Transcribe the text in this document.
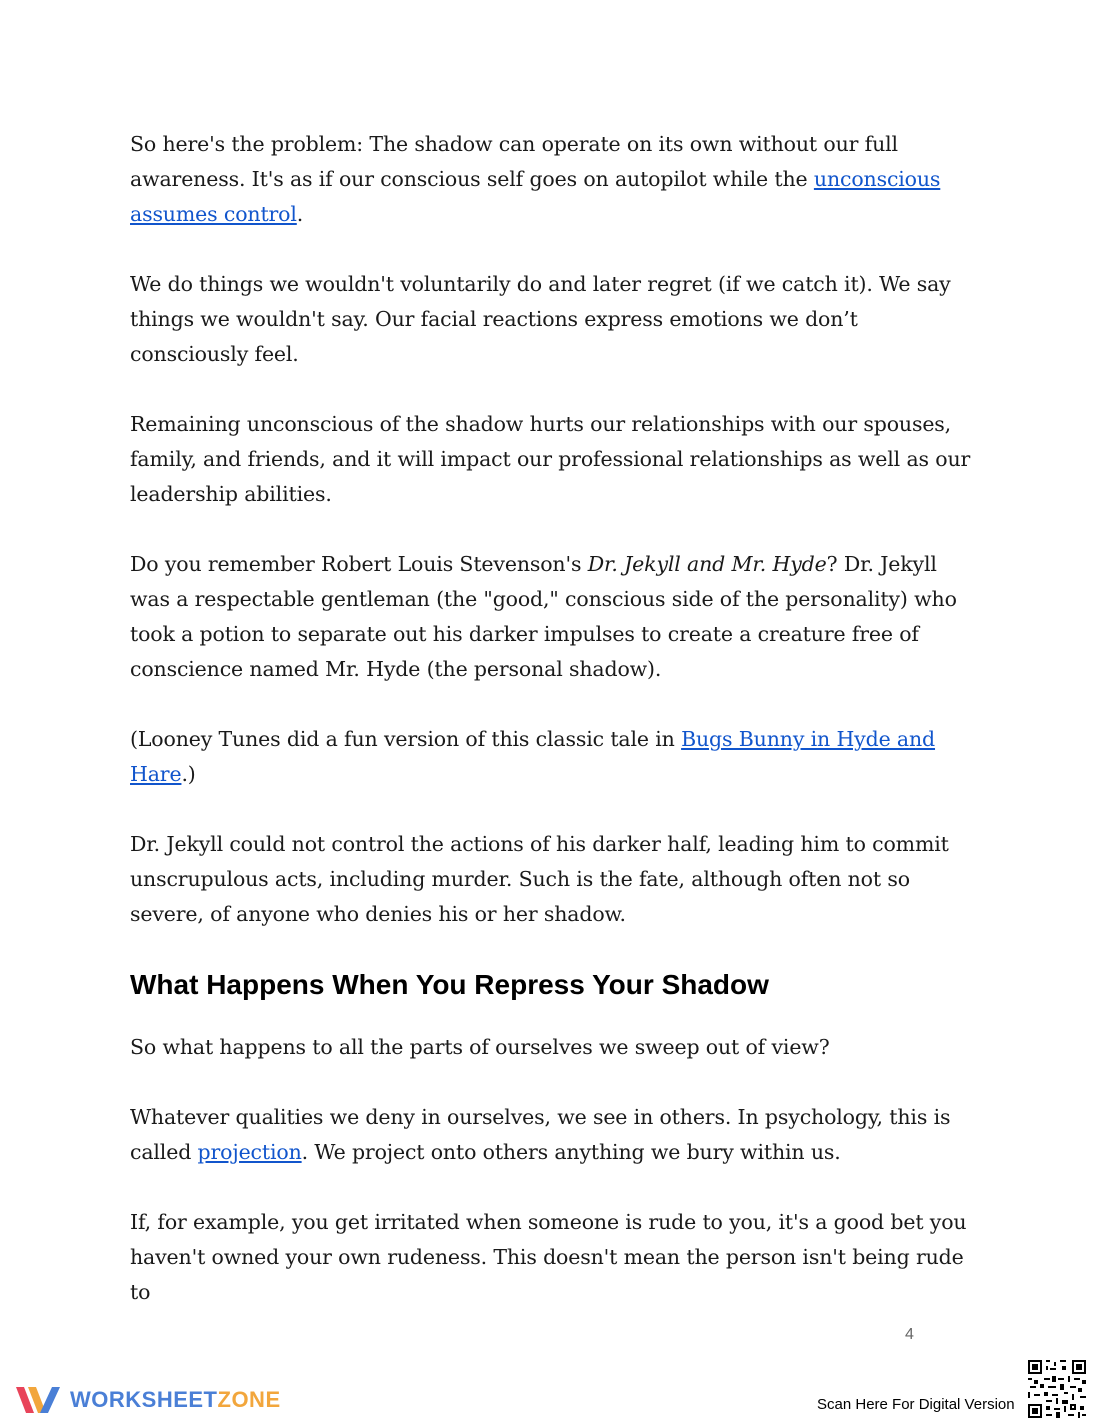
So here's the problem: The shadow can operate on its own without our full awareness. It's as if our conscious self goes on autopilot while the unconscious assumes control.

We do things we wouldn't voluntarily do and later regret (if we catch it). We say things we wouldn't say. Our facial reactions express emotions we don’t consciously feel.

Remaining unconscious of the shadow hurts our relationships with our spouses, family, and friends, and it will impact our professional relationships as well as our leadership abilities.

Do you remember Robert Louis Stevenson's Dr. Jekyll and Mr. Hyde? Dr. Jekyll was a respectable gentleman (the "good," conscious side of the personality) who took a potion to separate out his darker impulses to create a creature free of conscience named Mr. Hyde (the personal shadow).

(Looney Tunes did a fun version of this classic tale in Bugs Bunny in Hyde and Hare.)

Dr. Jekyll could not control the actions of his darker half, leading him to commit unscrupulous acts, including murder. Such is the fate, although often not so severe, of anyone who denies his or her shadow.

What Happens When You Repress Your Shadow

So what happens to all the parts of ourselves we sweep out of view?

Whatever qualities we deny in ourselves, we see in others. In psychology, this is called projection. We project onto others anything we bury within us.

If, for example, you get irritated when someone is rude to you, it's a good bet you haven't owned your own rudeness. This doesn't mean the person isn't being rude to

4
WORKSHEETZONE	Scan Here For Digital Version
